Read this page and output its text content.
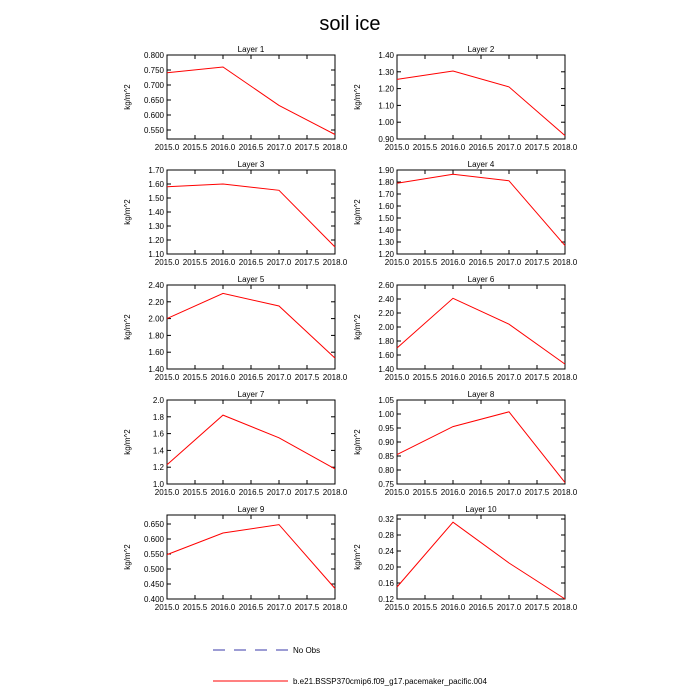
soil ice
Layer 1
0.550
0.600
0.650
0.700
0.750
0.800
2015.0 2015.5 2016.0 2016.5 2017.0 2017.5 2018.0
kg/m^2
Layer 2
0.90
1.00
1.10
1.20
1.30
1.40
2015.0 2015.5 2016.0 2016.5 2017.0 2017.5 2018.0
kg/m^2
Layer 3
1.10
1.20
1.30
1.40
1.50
1.60
1.70
2015.0 2015.5 2016.0 2016.5 2017.0 2017.5 2018.0
kg/m^2
Layer 4
1.20
1.30
1.40
1.50
1.60
1.70
1.80
1.90
2015.0 2015.5 2016.0 2016.5 2017.0 2017.5 2018.0
kg/m^2
Layer 5
1.40
1.60
1.80
2.00
2.20
2.40
2015.0 2015.5 2016.0 2016.5 2017.0 2017.5 2018.0
kg/m^2
Layer 6
1.40
1.60
1.80
2.00
2.20
2.40
2.60
2015.0 2015.5 2016.0 2016.5 2017.0 2017.5 2018.0
kg/m^2
Layer 7
1.0
1.2
1.4
1.6
1.8
2.0
2015.0 2015.5 2016.0 2016.5 2017.0 2017.5 2018.0
kg/m^2
Layer 8
0.75
0.80
0.85
0.90
0.95
1.00
1.05
2015.0 2015.5 2016.0 2016.5 2017.0 2017.5 2018.0
kg/m^2
Layer 9
0.400
0.450
0.500
0.550
0.600
0.650
2015.0 2015.5 2016.0 2016.5 2017.0 2017.5 2018.0
kg/m^2
Layer 10
0.12
0.16
0.20
0.24
0.28
0.32
2015.0 2015.5 2016.0 2016.5 2017.0 2017.5 2018.0
kg/m^2
No Obs
b.e21.BSSP370cmip6.f09_g17.pacemaker_pacific.004
